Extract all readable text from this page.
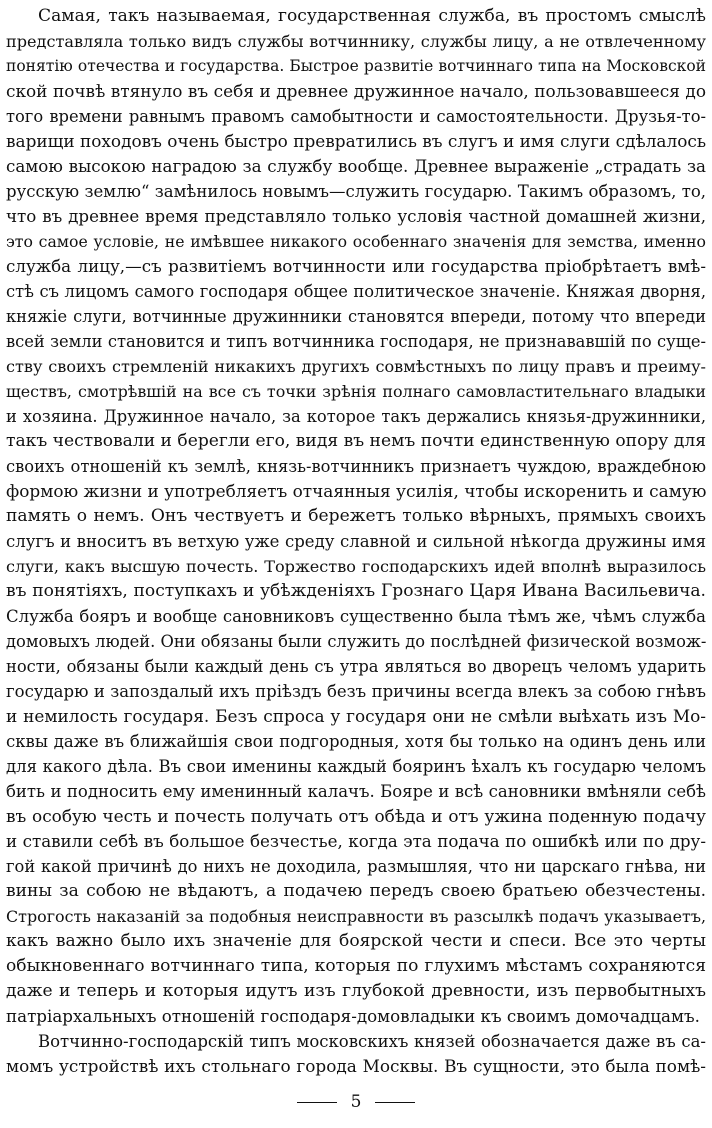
Самая, такъ называемая, государственная служба, въ простомъ смыслѣ
представляла только видъ службы вотчиннику, службы лицу, а не отвлеченному
понятію отечества и государства. Быстрое развитіе вотчиннаго типа на Московской
ской почвѣ втянуло въ себя и древнее дружинное начало, пользовавшееся до
того времени равнымъ правомъ самобытности и самостоятельности. Друзья-то-
варищи походовъ очень быстро превратились въ слугъ и имя слуги сдѣлалось
самою высокою наградою за службу вообще. Древнее выраженіе „страдать за
русскую землю“ замѣнилось новымъ—служить государю. Такимъ образомъ, то,
что въ древнее время представляло только условія частной домашней жизни,
это самое условіе, не имѣвшее никакого особеннаго значенія для земства, именно
служба лицу,—съ развитіемъ вотчинности или государства пріобрѣтаетъ вмѣ-
стѣ съ лицомъ самого господаря общее политическое значеніе. Княжая дворня,
княжіе слуги, вотчинные дружинники становятся впереди, потому что впереди
всей земли становится и типъ вотчинника господаря, не признававшій по суще-
ству своихъ стремленій никакихъ другихъ совмѣстныхъ по лицу правъ и преиму-
ществъ, смотрѣвшій на все съ точки зрѣнія полнаго самовластительнаго владыки
и хозяина. Дружинное начало, за которое такъ держались князья-дружинники,
такъ чествовали и берегли его, видя въ немъ почти единственную опору для
своихъ отношеній къ землѣ, князь-вотчинникъ признаетъ чуждою, враждебною
формою жизни и употребляетъ отчаянныя усилія, чтобы искоренить и самую
память о немъ. Онъ чествуетъ и бережетъ только вѣрныхъ, прямыхъ своихъ
слугъ и вноситъ въ ветхую уже среду славной и сильной нѣкогда дружины имя
слуги, какъ высшую почесть. Торжество господарскихъ идей вполнѣ выразилось
въ понятіяхъ, поступкахъ и убѣжденіяхъ Грознаго Царя Ивана Васильевича.
Служба бояръ и вообще сановниковъ существенно была тѣмъ же, чѣмъ служба
домовыхъ людей. Они обязаны были служить до послѣдней физической возмож-
ности, обязаны были каждый день съ утра являться во дворецъ челомъ ударить
государю и запоздалый ихъ пріѣздъ безъ причины всегда влекъ за собою гнѣвъ
и немилость государя. Безъ спроса у государя они не смѣли выѣхать изъ Мо-
сквы даже въ ближайшія свои подгородныя, хотя бы только на одинъ день или
для какого дѣла. Въ свои именины каждый бояринъ ѣхалъ къ государю челомъ
бить и подносить ему именинный калачъ. Бояре и всѣ сановники вмѣняли себѣ
въ особую честь и почесть получать отъ обѣда и отъ ужина поденную подачу
и ставили себѣ въ большое безчестье, когда эта подача по ошибкѣ или по дру-
гой какой причинѣ до нихъ не доходила, размышляя, что ни царскаго гнѣва, ни
вины за собою не вѣдаютъ, а подачею передъ своею братьею обезчестены.
Строгость наказаній за подобныя неисправности въ разсылкѣ подачъ указываетъ,
какъ важно было ихъ значеніе для боярской чести и спеси. Все это черты
обыкновеннаго вотчиннаго типа, которыя по глухимъ мѣстамъ сохраняются
даже и теперь и которыя идутъ изъ глубокой древности, изъ первобытныхъ
патріархальныхъ отношеній господаря-домовладыки къ своимъ домочадцамъ.
Вотчинно-господарскій типъ московскихъ князей обозначается даже въ са-
момъ устройствѣ ихъ стольнаго города Москвы. Въ сущности, это была помѣ-
5
